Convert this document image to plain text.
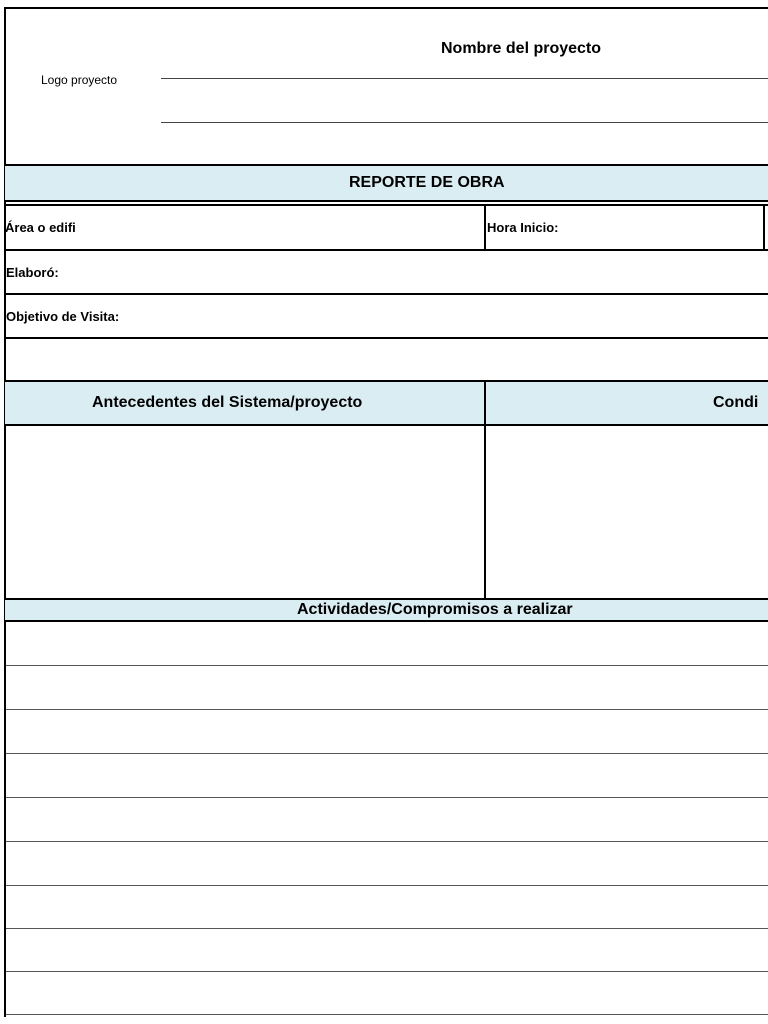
Logo proyecto
Nombre del proyecto
REPORTE DE OBRA
Área o edifi	Hora Inicio:
Elaboró:
Objetivo de Visita:
Antecedentes del Sistema/proyecto	Condi
Actividades/Compromisos a realizar
